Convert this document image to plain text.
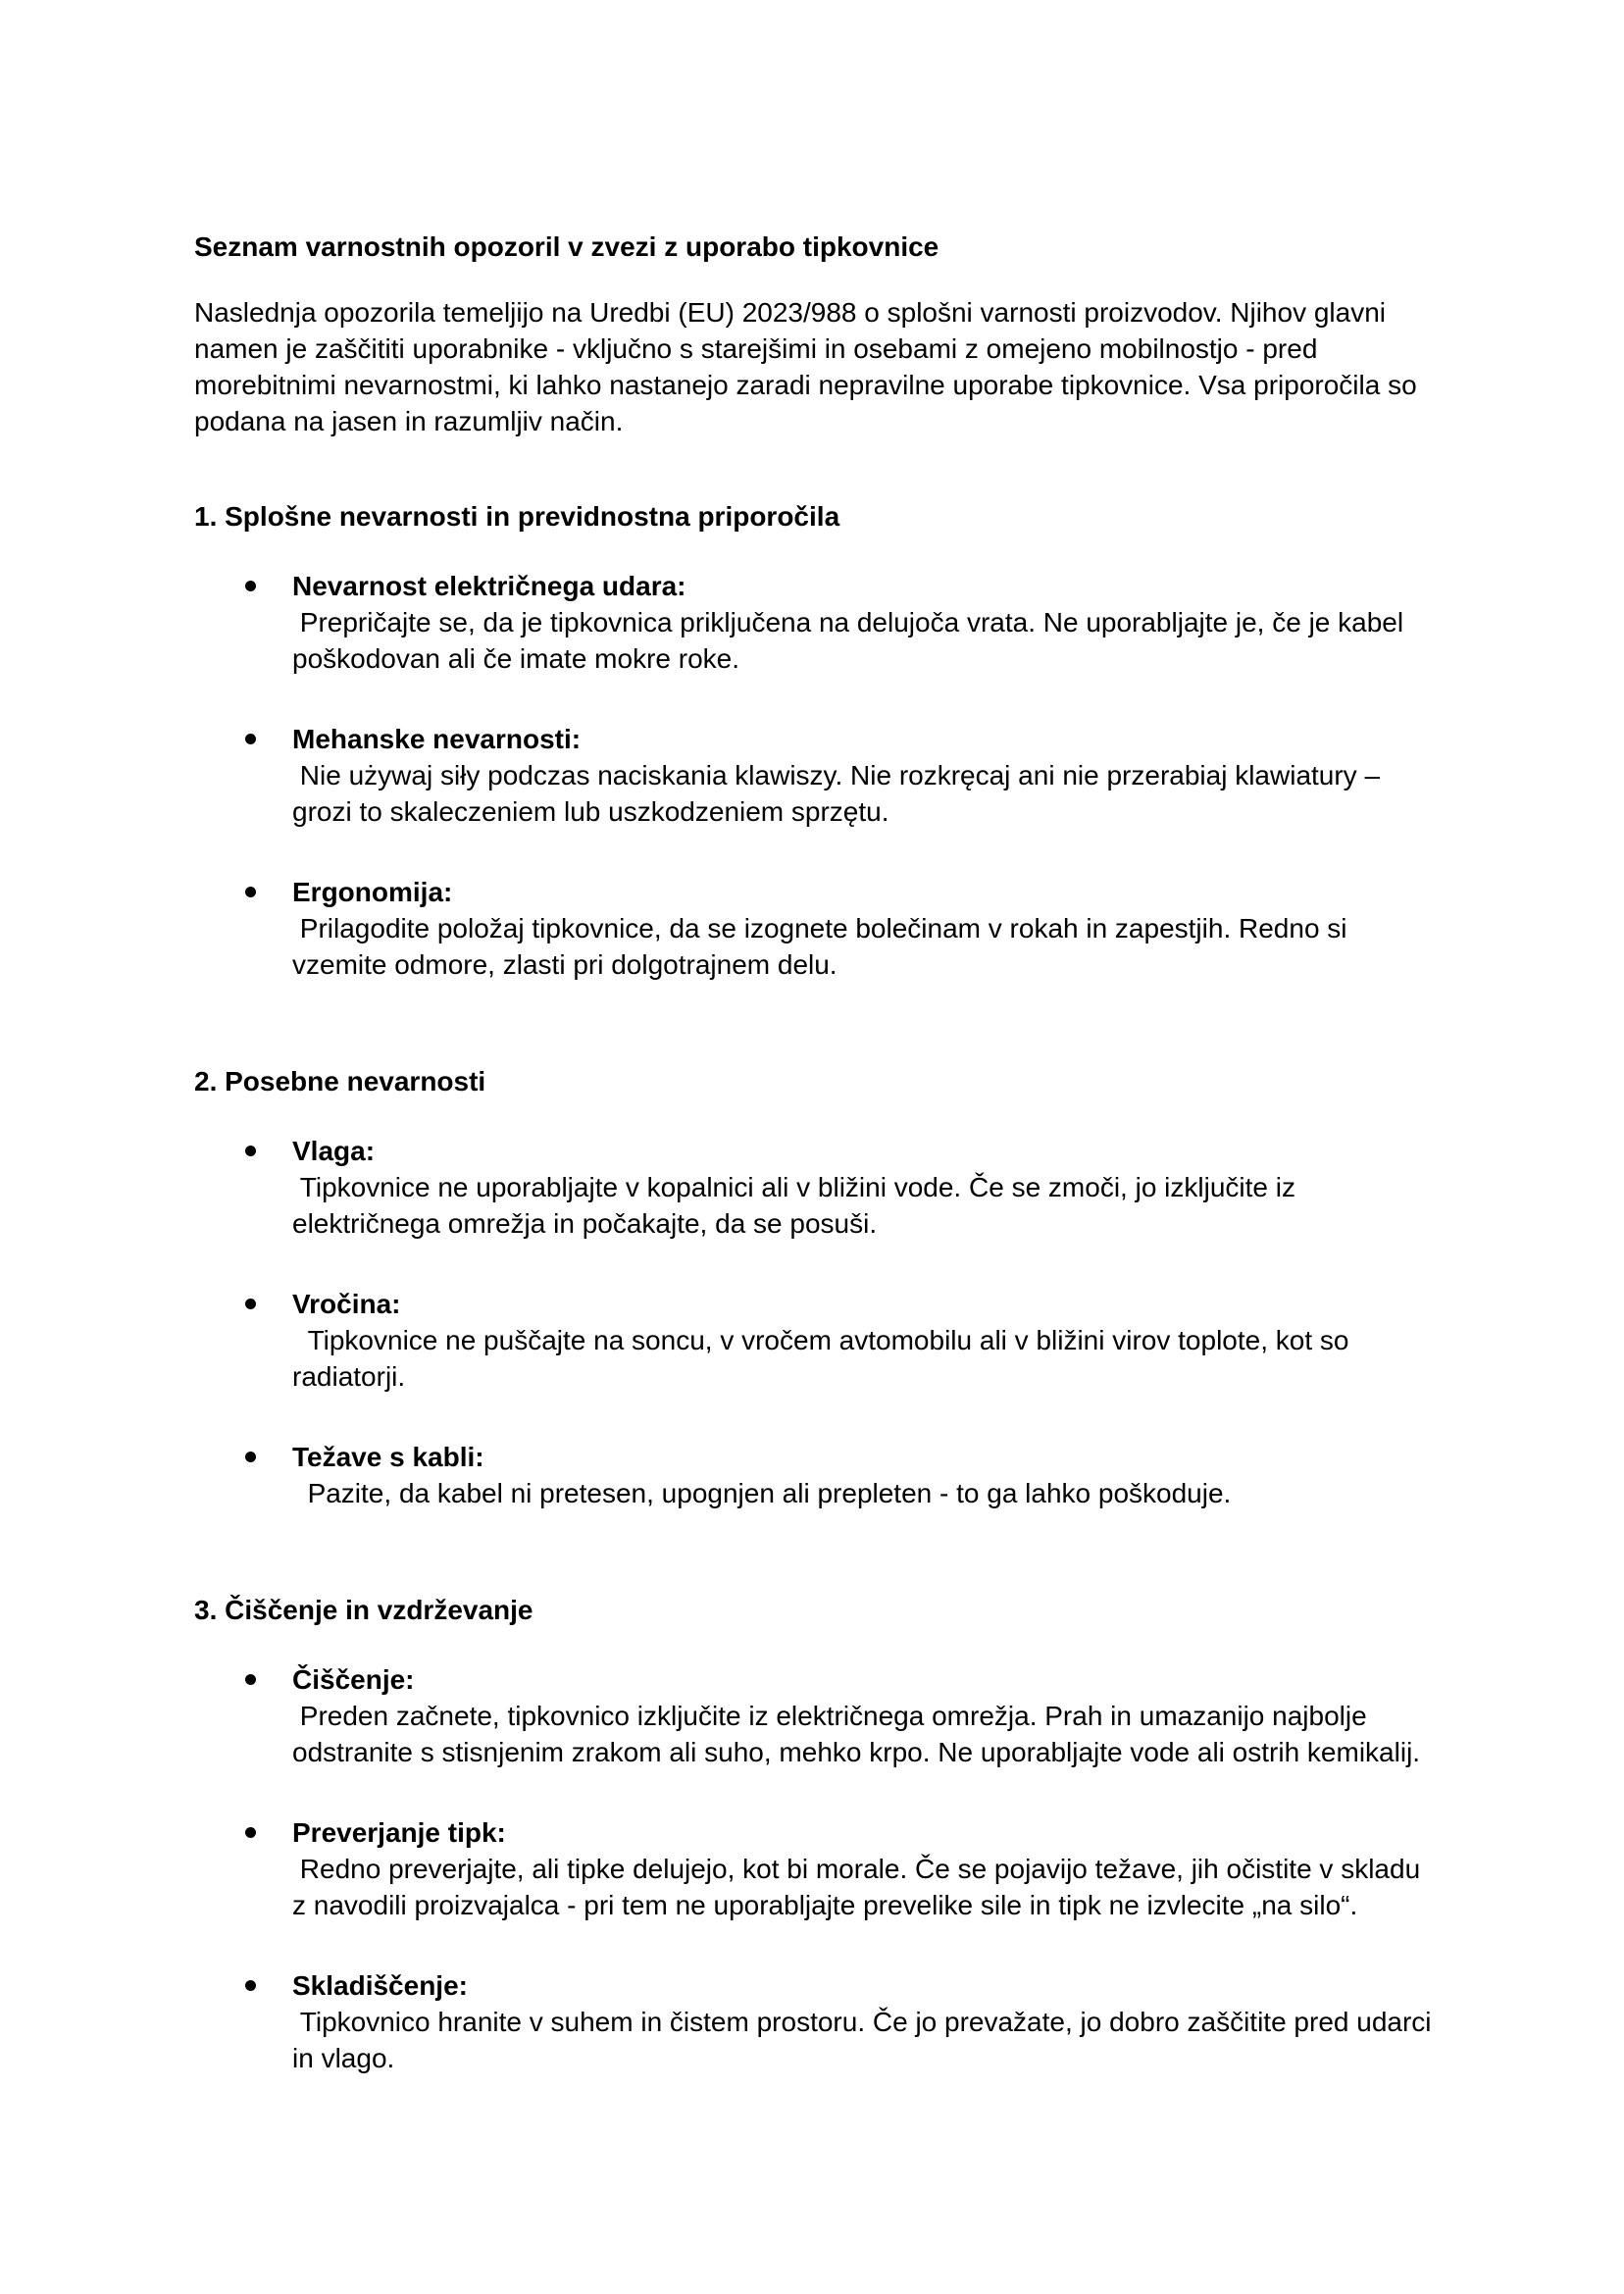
Seznam varnostnih opozoril v zvezi z uporabo tipkovnice

Naslednja opozorila temeljijo na Uredbi (EU) 2023/988 o splošni varnosti proizvodov. Njihov glavni namen je zaščititi uporabnike - vključno s starejšimi in osebami z omejeno mobilnostjo - pred morebitnimi nevarnostmi, ki lahko nastanejo zaradi nepravilne uporabe tipkovnice. Vsa priporočila so podana na jasen in razumljiv način.

1. Splošne nevarnosti in previdnostna priporočila
Nevarnost električnega udara:
Prepričajte se, da je tipkovnica priključena na delujoča vrata. Ne uporabljajte je, če je kabel poškodovan ali če imate mokre roke.
Mehanske nevarnosti:
Nie używaj siły podczas naciskania klawiszy. Nie rozkręcaj ani nie przerabiaj klawiatury – grozi to skaleczeniem lub uszkodzeniem sprzętu.
Ergonomija:
Prilagodite položaj tipkovnice, da se izognete bolečinam v rokah in zapestjih. Redno si vzemite odmore, zlasti pri dolgotrajnem delu.
2. Posebne nevarnosti
Vlaga:
Tipkovnice ne uporabljajte v kopalnici ali v bližini vode. Če se zmoči, jo izključite iz električnega omrežja in počakajte, da se posuši.
Vročina:
Tipkovnice ne puščajte na soncu, v vročem avtomobilu ali v bližini virov toplote, kot so radiatorji.
Težave s kabli:
Pazite, da kabel ni pretesen, upognjen ali prepleten - to ga lahko poškoduje.
3. Čiščenje in vzdrževanje
Čiščenje:
Preden začnete, tipkovnico izključite iz električnega omrežja. Prah in umazanijo najbolje odstranite s stisnjenim zrakom ali suho, mehko krpo. Ne uporabljajte vode ali ostrih kemikalij.
Preverjanje tipk:
Redno preverjajte, ali tipke delujejo, kot bi morale. Če se pojavijo težave, jih očistite v skladu z navodili proizvajalca - pri tem ne uporabljajte prevelike sile in tipk ne izvlecite „na silo“.
Skladiščenje:
Tipkovnico hranite v suhem in čistem prostoru. Če jo prevažate, jo dobro zaščitite pred udarci in vlago.
